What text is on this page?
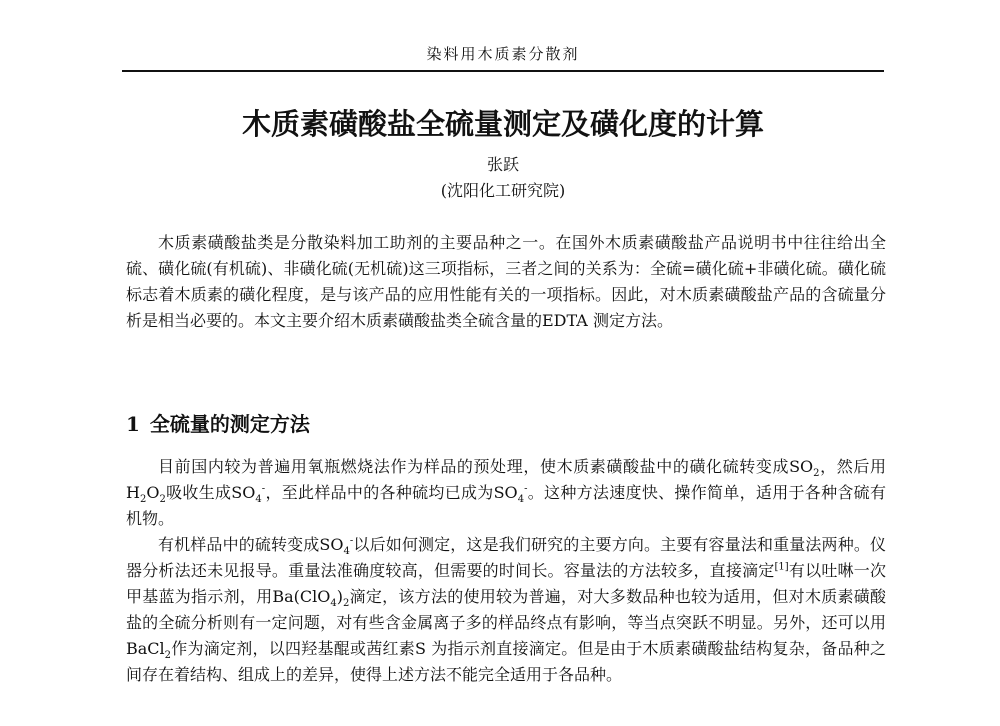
染料用木质素分散剂
木质素磺酸盐全硫量测定及磺化度的计算
张跃
(沈阳化工研究院)

木质素磺酸盐类是分散染料加工助剂的主要品种之一。在国外木质素磺酸盐产品说明书中往往给出全硫、磺化硫(有机硫)、非磺化硫(无机硫)这三项指标，三者之间的关系为：全硫=磺化硫+非磺化硫。磺化硫标志着木质素的磺化程度，是与该产品的应用性能有关的一项指标。因此，对木质素磺酸盐产品的含硫量分析是相当必要的。本文主要介绍木质素磺酸盐类全硫含量的EDTA 测定方法。

1 全硫量的测定方法

目前国内较为普遍用氧瓶燃烧法作为样品的预处理，使木质素磺酸盐中的磺化硫转变成$SO_2$，然后用$H_2O_2$吸收生成$SO_4^-$，至此样品中的各种硫均已成为$SO_4^-$。这种方法速度快、操作简单，适用于各种含硫有机物。

有机样品中的硫转变成$SO_4^-$以后如何测定，这是我们研究的主要方向。主要有容量法和重量法两种。仪器分析法还未见报导。重量法准确度较高，但需要的时间长。容量法的方法较多，直接滴定[1]有以吐啉一次甲基蓝为指示剂，用$Ba(ClO_4)_2$滴定，该方法的使用较为普遍，对大多数品种也较为适用，但对木质素磺酸盐的全硫分析则有一定问题，对有些含金属离子多的样品终点有影响，等当点突跃不明显。另外，还可以用BaCl$_2$作为滴定剂，以四羟基醌或茜红素S 为指示剂直接滴定。但是由于木质素磺酸盐结构复杂，备品种之间存在着结构、组成上的差异，使得上述方法不能完全适用于各品种。
